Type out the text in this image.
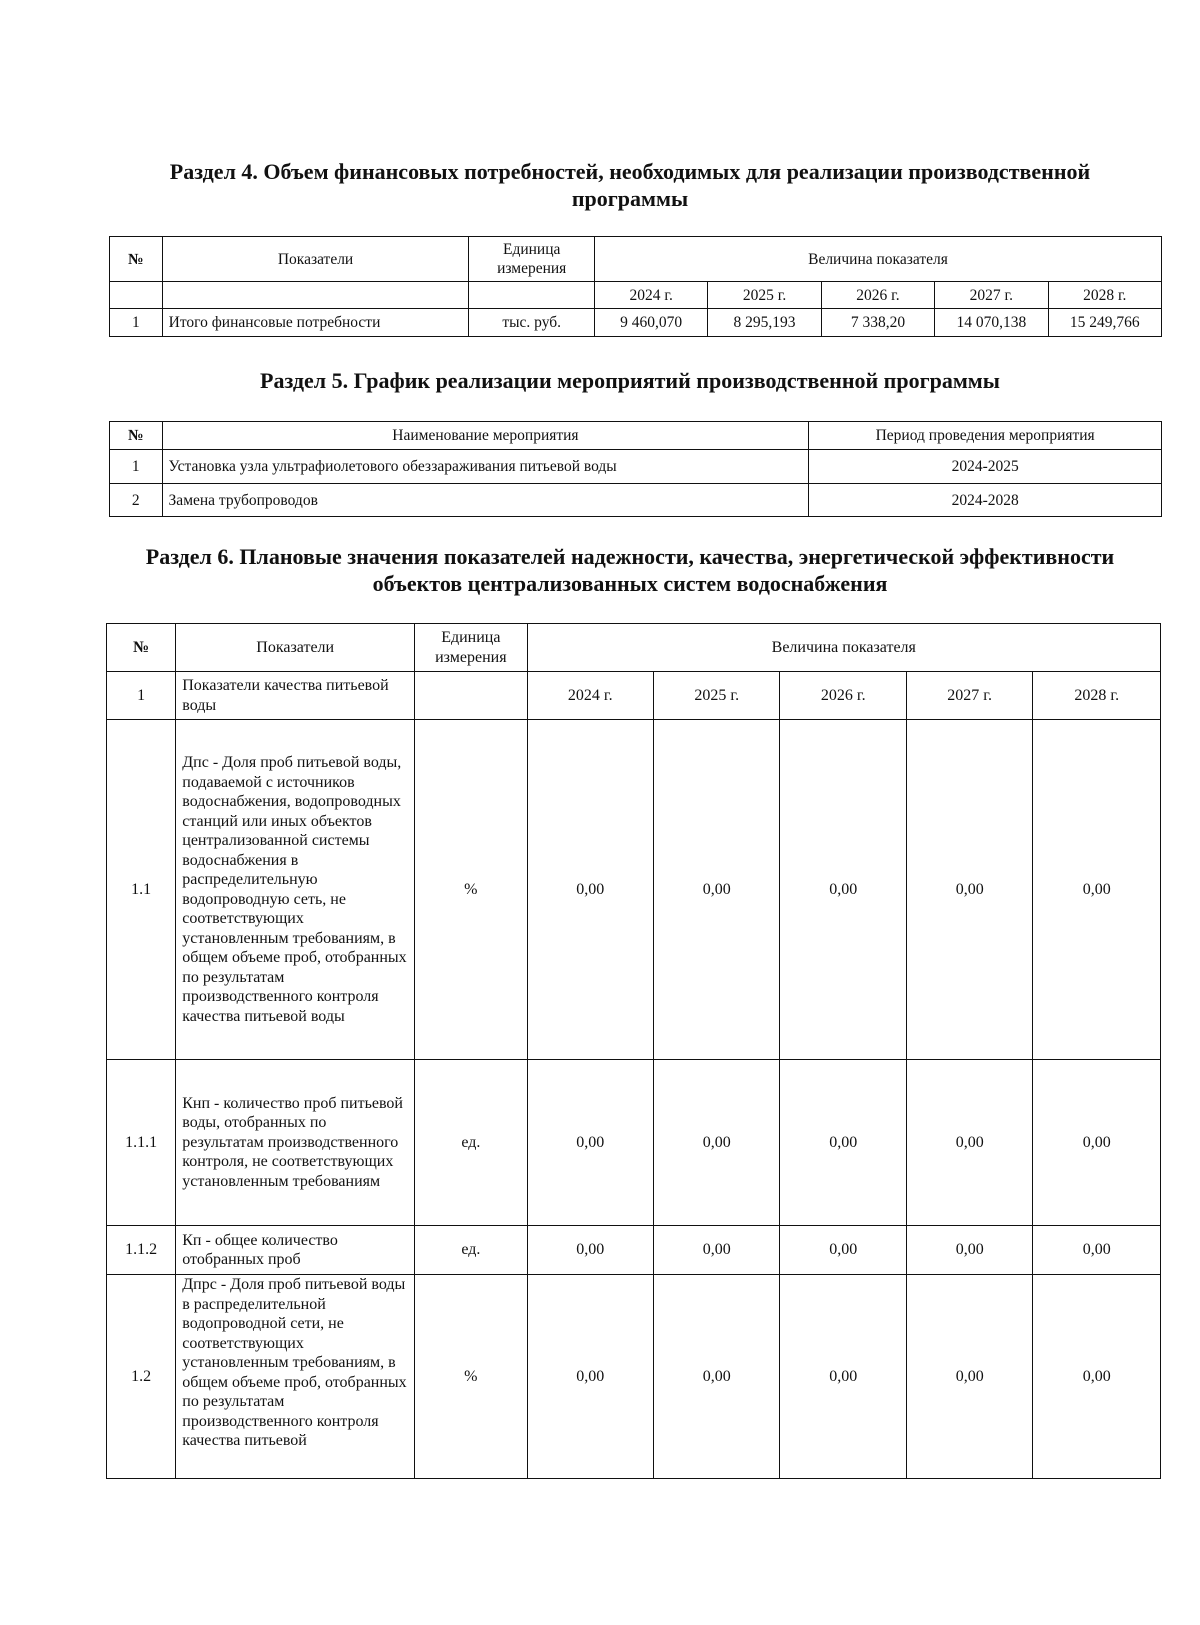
Раздел 4. Объем финансовых потребностей, необходимых для реализации производственной программы
№	Показатели	Единица измерения	Величина показателя				
			2024 г.	2025 г.	2026 г.	2027 г.	2028 г.
1	Итого финансовые потребности	тыс. руб.	9 460,070	8 295,193	7 338,20	14 070,138	15 249,766
Раздел 5. График реализации мероприятий производственной программы
№	Наименование мероприятия	Период проведения мероприятия
1	Установка узла ультрафиолетового обеззараживания питьевой воды	2024-2025
2	Замена трубопроводов	2024-2028
Раздел 6. Плановые значения показателей надежности, качества, энергетической эффективности объектов централизованных систем водоснабжения
№	Показатели	Единица измерения	Величина показателя				
1	Показатели качества питьевой воды		2024 г.	2025 г.	2026 г.	2027 г.	2028 г.
1.1	Дпс - Доля проб питьевой воды, подаваемой с источников водоснабжения, водопроводных станций или иных объектов централизованной системы водоснабжения в распределительную водопроводную сеть, не соответствующих установленным требованиям, в общем объеме проб, отобранных по результатам производственного контроля качества питьевой воды	%	0,00	0,00	0,00	0,00	0,00
1.1.1	Кнп - количество проб питьевой воды, отобранных по результатам производственного контроля, не соответствующих установленным требованиям	ед.	0,00	0,00	0,00	0,00	0,00
1.1.2	Кп - общее количество отобранных проб	ед.	0,00	0,00	0,00	0,00	0,00
1.2	Дпрс - Доля проб питьевой воды в распределительной водопроводной сети, не соответствующих установленным требованиям, в общем объеме проб, отобранных по результатам производственного контроля качества питьевой	%	0,00	0,00	0,00	0,00	0,00
